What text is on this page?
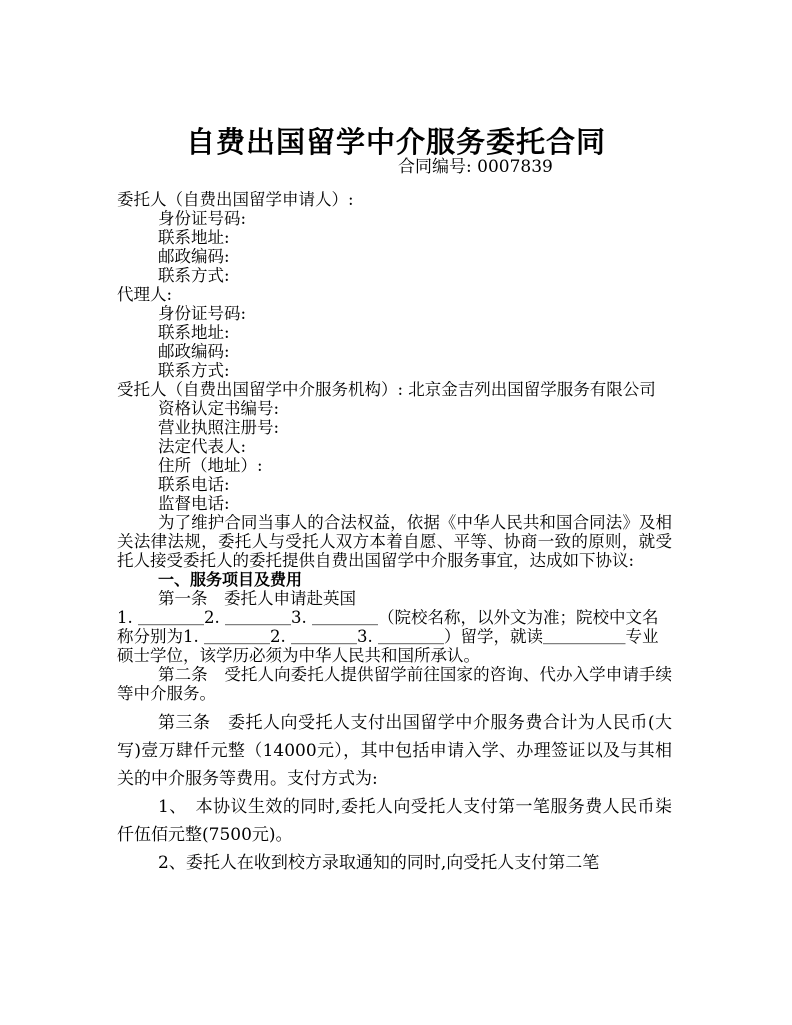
自费出国留学中介服务委托合同
合同编号: 0007839
委托人（自费出国留学申请人）:
身份证号码:
联系地址:
邮政编码:
联系方式:
代理人:
身份证号码:
联系地址:
邮政编码:
联系方式:
受托人（自费出国留学中介服务机构）: 北京金吉列出国留学服务有限公司
资格认定书编号:
营业执照注册号:
法定代表人:
住所（地址）:
联系电话:
监督电话:
为了维护合同当事人的合法权益，依据《中华人民共和国合同法》及相关法律法规，委托人与受托人双方本着自愿、平等、协商一致的原则，就受托人接受委托人的委托提供自费出国留学中介服务事宜，达成如下协议:
一、服务项目及费用
第一条　委托人申请赴英国
1. ＿＿＿＿2. ＿＿＿＿3. ＿＿＿＿（院校名称，以外文为准；院校中文名称分别为1. ＿＿＿＿2. ＿＿＿＿3. ＿＿＿＿）留学，就读＿＿＿＿＿专业硕士学位，该学历必须为中华人民共和国所承认。
第二条　受托人向委托人提供留学前往国家的咨询、代办入学申请手续等中介服务。
第三条　委托人向受托人支付出国留学中介服务费合计为人民币(大写)壹万肆仟元整（14000元），其中包括申请入学、办理签证以及与其相关的中介服务等费用。支付方式为:
1、　本协议生效的同时,委托人向受托人支付第一笔服务费人民币柒仟伍佰元整(7500元)。
2、委托人在收到校方录取通知的同时,向受托人支付第二笔
